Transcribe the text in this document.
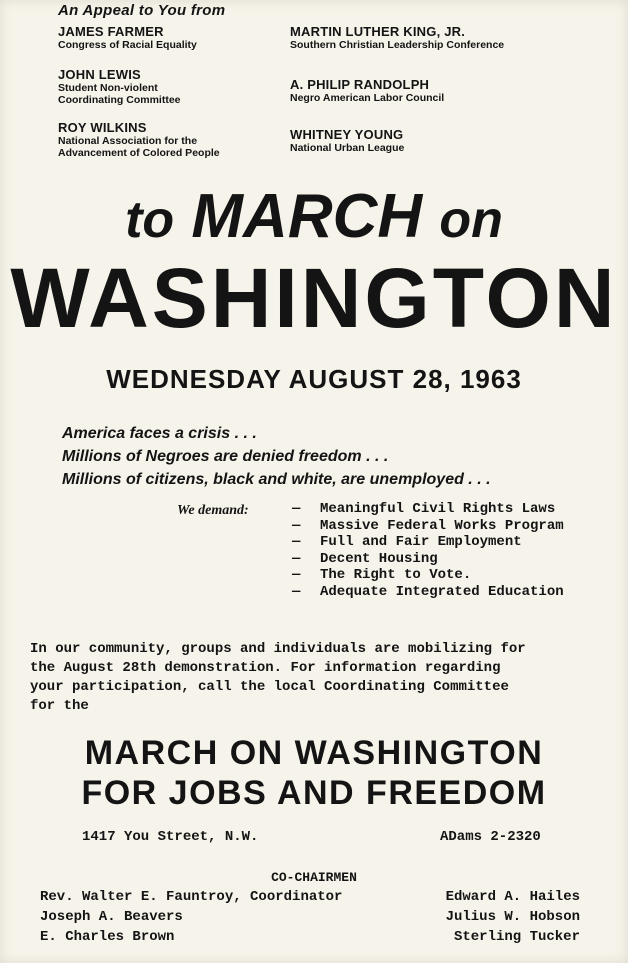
An Appeal to You from
JAMES FARMER
Congress of Racial Equality
JOHN LEWIS
Student Non-violent
Coordinating Committee
ROY WILKINS
National Association for the
Advancement of Colored People
MARTIN LUTHER KING, JR.
Southern Christian Leadership Conference
A. PHILIP RANDOLPH
Negro American Labor Council
WHITNEY YOUNG
National Urban League
to MARCH on
WASHINGTON
WEDNESDAY AUGUST 28, 1963
America faces a crisis . . .
Millions of Negroes are denied freedom . . .
Millions of citizens, black and white, are unemployed . . .
We demand:	— Meaningful Civil Rights Laws
— Massive Federal Works Program
— Full and Fair Employment
— Decent Housing
— The Right to Vote.
— Adequate Integrated Education
In our community, groups and individuals are mobilizing for
the August 28th demonstration. For information regarding
your participation, call the local Coordinating Committee
for the
MARCH ON WASHINGTON
FOR JOBS AND FREEDOM
1417 You Street, N.W.	ADams 2-2320
CO-CHAIRMEN
Rev. Walter E. Fauntroy, Coordinator
Joseph A. Beavers
E. Charles Brown
Edward A. Hailes
Julius W. Hobson
Sterling Tucker
